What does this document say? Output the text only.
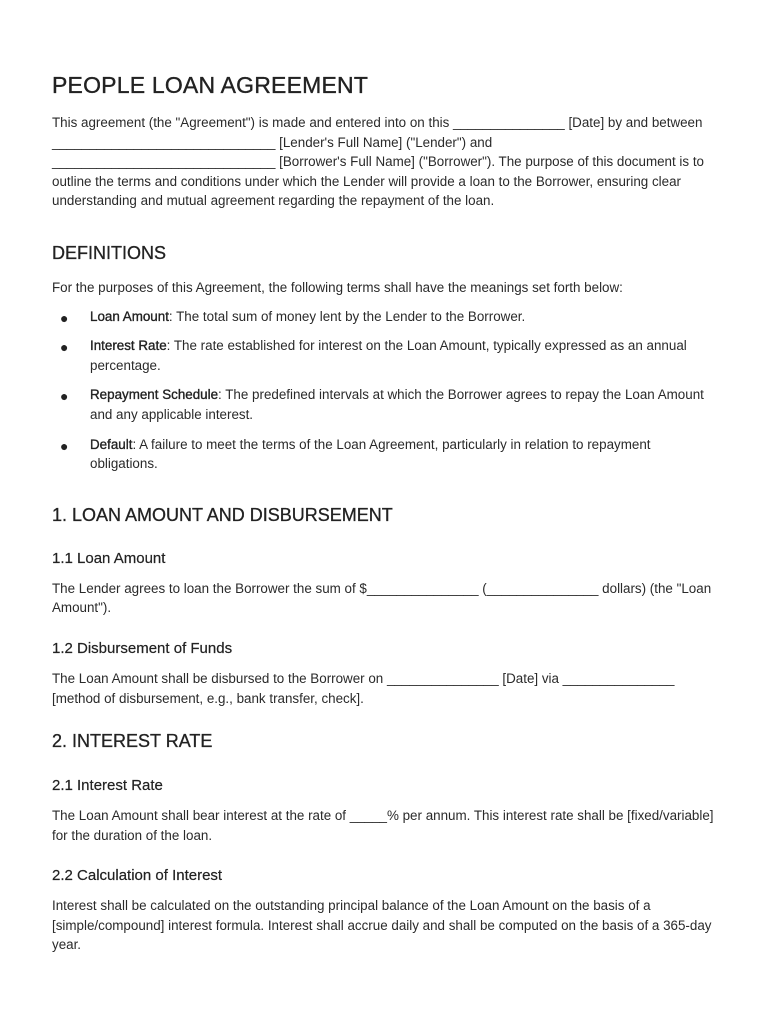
PEOPLE LOAN AGREEMENT

This agreement (the "Agreement") is made and entered into on this _______________ [Date] by and between ______________________________ [Lender's Full Name] ("Lender") and ______________________________ [Borrower's Full Name] ("Borrower"). The purpose of this document is to outline the terms and conditions under which the Lender will provide a loan to the Borrower, ensuring clear understanding and mutual agreement regarding the repayment of the loan.

DEFINITIONS

For the purposes of this Agreement, the following terms shall have the meanings set forth below:

● Loan Amount: The total sum of money lent by the Lender to the Borrower.
● Interest Rate: The rate established for interest on the Loan Amount, typically expressed as an annual percentage.
● Repayment Schedule: The predefined intervals at which the Borrower agrees to repay the Loan Amount and any applicable interest.
● Default: A failure to meet the terms of the Loan Agreement, particularly in relation to repayment obligations.
1. LOAN AMOUNT AND DISBURSEMENT
1.1 Loan Amount

The Lender agrees to loan the Borrower the sum of $_______________ (_______________ dollars) (the "Loan Amount").

1.2 Disbursement of Funds

The Loan Amount shall be disbursed to the Borrower on _______________ [Date] via _______________ [method of disbursement, e.g., bank transfer, check].

2. INTEREST RATE
2.1 Interest Rate

The Loan Amount shall bear interest at the rate of _____% per annum. This interest rate shall be [fixed/variable] for the duration of the loan.

2.2 Calculation of Interest

Interest shall be calculated on the outstanding principal balance of the Loan Amount on the basis of a [simple/compound] interest formula. Interest shall accrue daily and shall be computed on the basis of a 365-day year.
